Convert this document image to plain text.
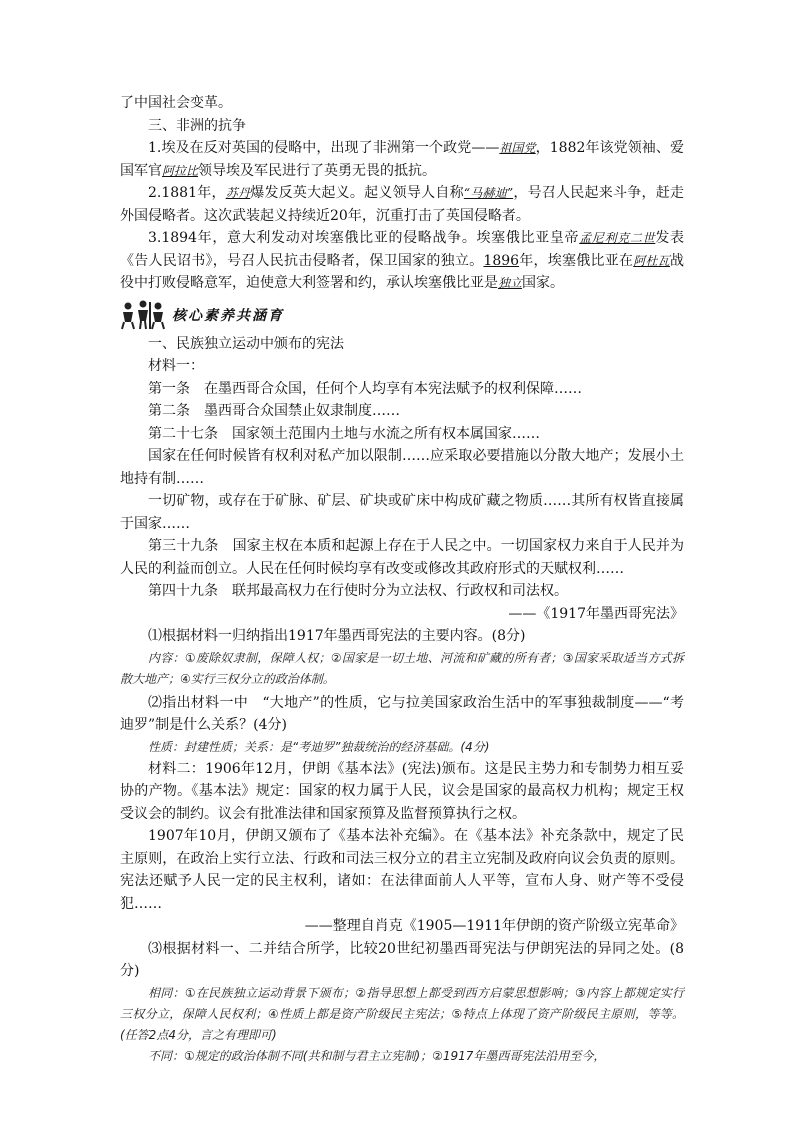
了中国社会变革。

三、非洲的抗争

1.埃及在反对英国的侵略中，出现了非洲第一个政党——祖国党，1882年该党领袖、爱国军官阿拉比领导埃及军民进行了英勇无畏的抵抗。

2.1881年，苏丹爆发反英大起义。起义领导人自称“马赫迪”，号召人民起来斗争，赶走外国侵略者。这次武装起义持续近20年，沉重打击了英国侵略者。

3.1894年，意大利发动对埃塞俄比亚的侵略战争。埃塞俄比亚皇帝孟尼利克二世发表《告人民诏书》，号召人民抗击侵略者，保卫国家的独立。1896年，埃塞俄比亚在阿杜瓦战役中打败侵略意军，迫使意大利签署和约，承认埃塞俄比亚是独立国家。

核心素养共涵育

一、民族独立运动中颁布的宪法

材料一：

第一条　在墨西哥合众国，任何个人均享有本宪法赋予的权利保障……

第二条　墨西哥合众国禁止奴隶制度……

第二十七条　国家领土范围内土地与水流之所有权本属国家……

国家在任何时候皆有权利对私产加以限制……应采取必要措施以分散大地产；发展小土地持有制……

一切矿物，或存在于矿脉、矿层、矿块或矿床中构成矿藏之物质……其所有权皆直接属于国家……

第三十九条　国家主权在本质和起源上存在于人民之中。一切国家权力来自于人民并为人民的利益而创立。人民在任何时候均享有改变或修改其政府形式的天赋权利……

第四十九条　联邦最高权力在行使时分为立法权、行政权和司法权。

——《1917年墨西哥宪法》

⑴根据材料一归纳指出1917年墨西哥宪法的主要内容。(8分)

内容：①废除奴隶制，保障人权；②国家是一切土地、河流和矿藏的所有者；③国家采取适当方式拆散大地产；④实行三权分立的政治体制。

⑵指出材料一中　“大地产”的性质，它与拉美国家政治生活中的军事独裁制度——“考迪罗”制是什么关系？(4分)

性质：封建性质；关系：是“考迪罗”独裁统治的经济基础。(4分)

材料二：1906年12月，伊朗《基本法》(宪法)颁布。这是民主势力和专制势力相互妥协的产物。《基本法》规定：国家的权力属于人民，议会是国家的最高权力机构；规定王权受议会的制约。议会有批准法律和国家预算及监督预算执行之权。

1907年10月，伊朗又颁布了《基本法补充编》。在《基本法》补充条款中，规定了民主原则，在政治上实行立法、行政和司法三权分立的君主立宪制及政府向议会负责的原则。宪法还赋予人民一定的民主权利，诸如：在法律面前人人平等，宣布人身、财产等不受侵犯……

——整理自肖克《1905—1911年伊朗的资产阶级立宪革命》

⑶根据材料一、二并结合所学，比较20世纪初墨西哥宪法与伊朗宪法的异同之处。(8分)

相同：①在民族独立运动背景下颁布；②指导思想上都受到西方启蒙思想影响；③内容上都规定实行三权分立，保障人民权利；④性质上都是资产阶级民主宪法；⑤特点上体现了资产阶级民主原则，等等。(任答2点4分，言之有理即可)

不同：①规定的政治体制不同(共和制与君主立宪制)；②1917年墨西哥宪法沿用至今，
